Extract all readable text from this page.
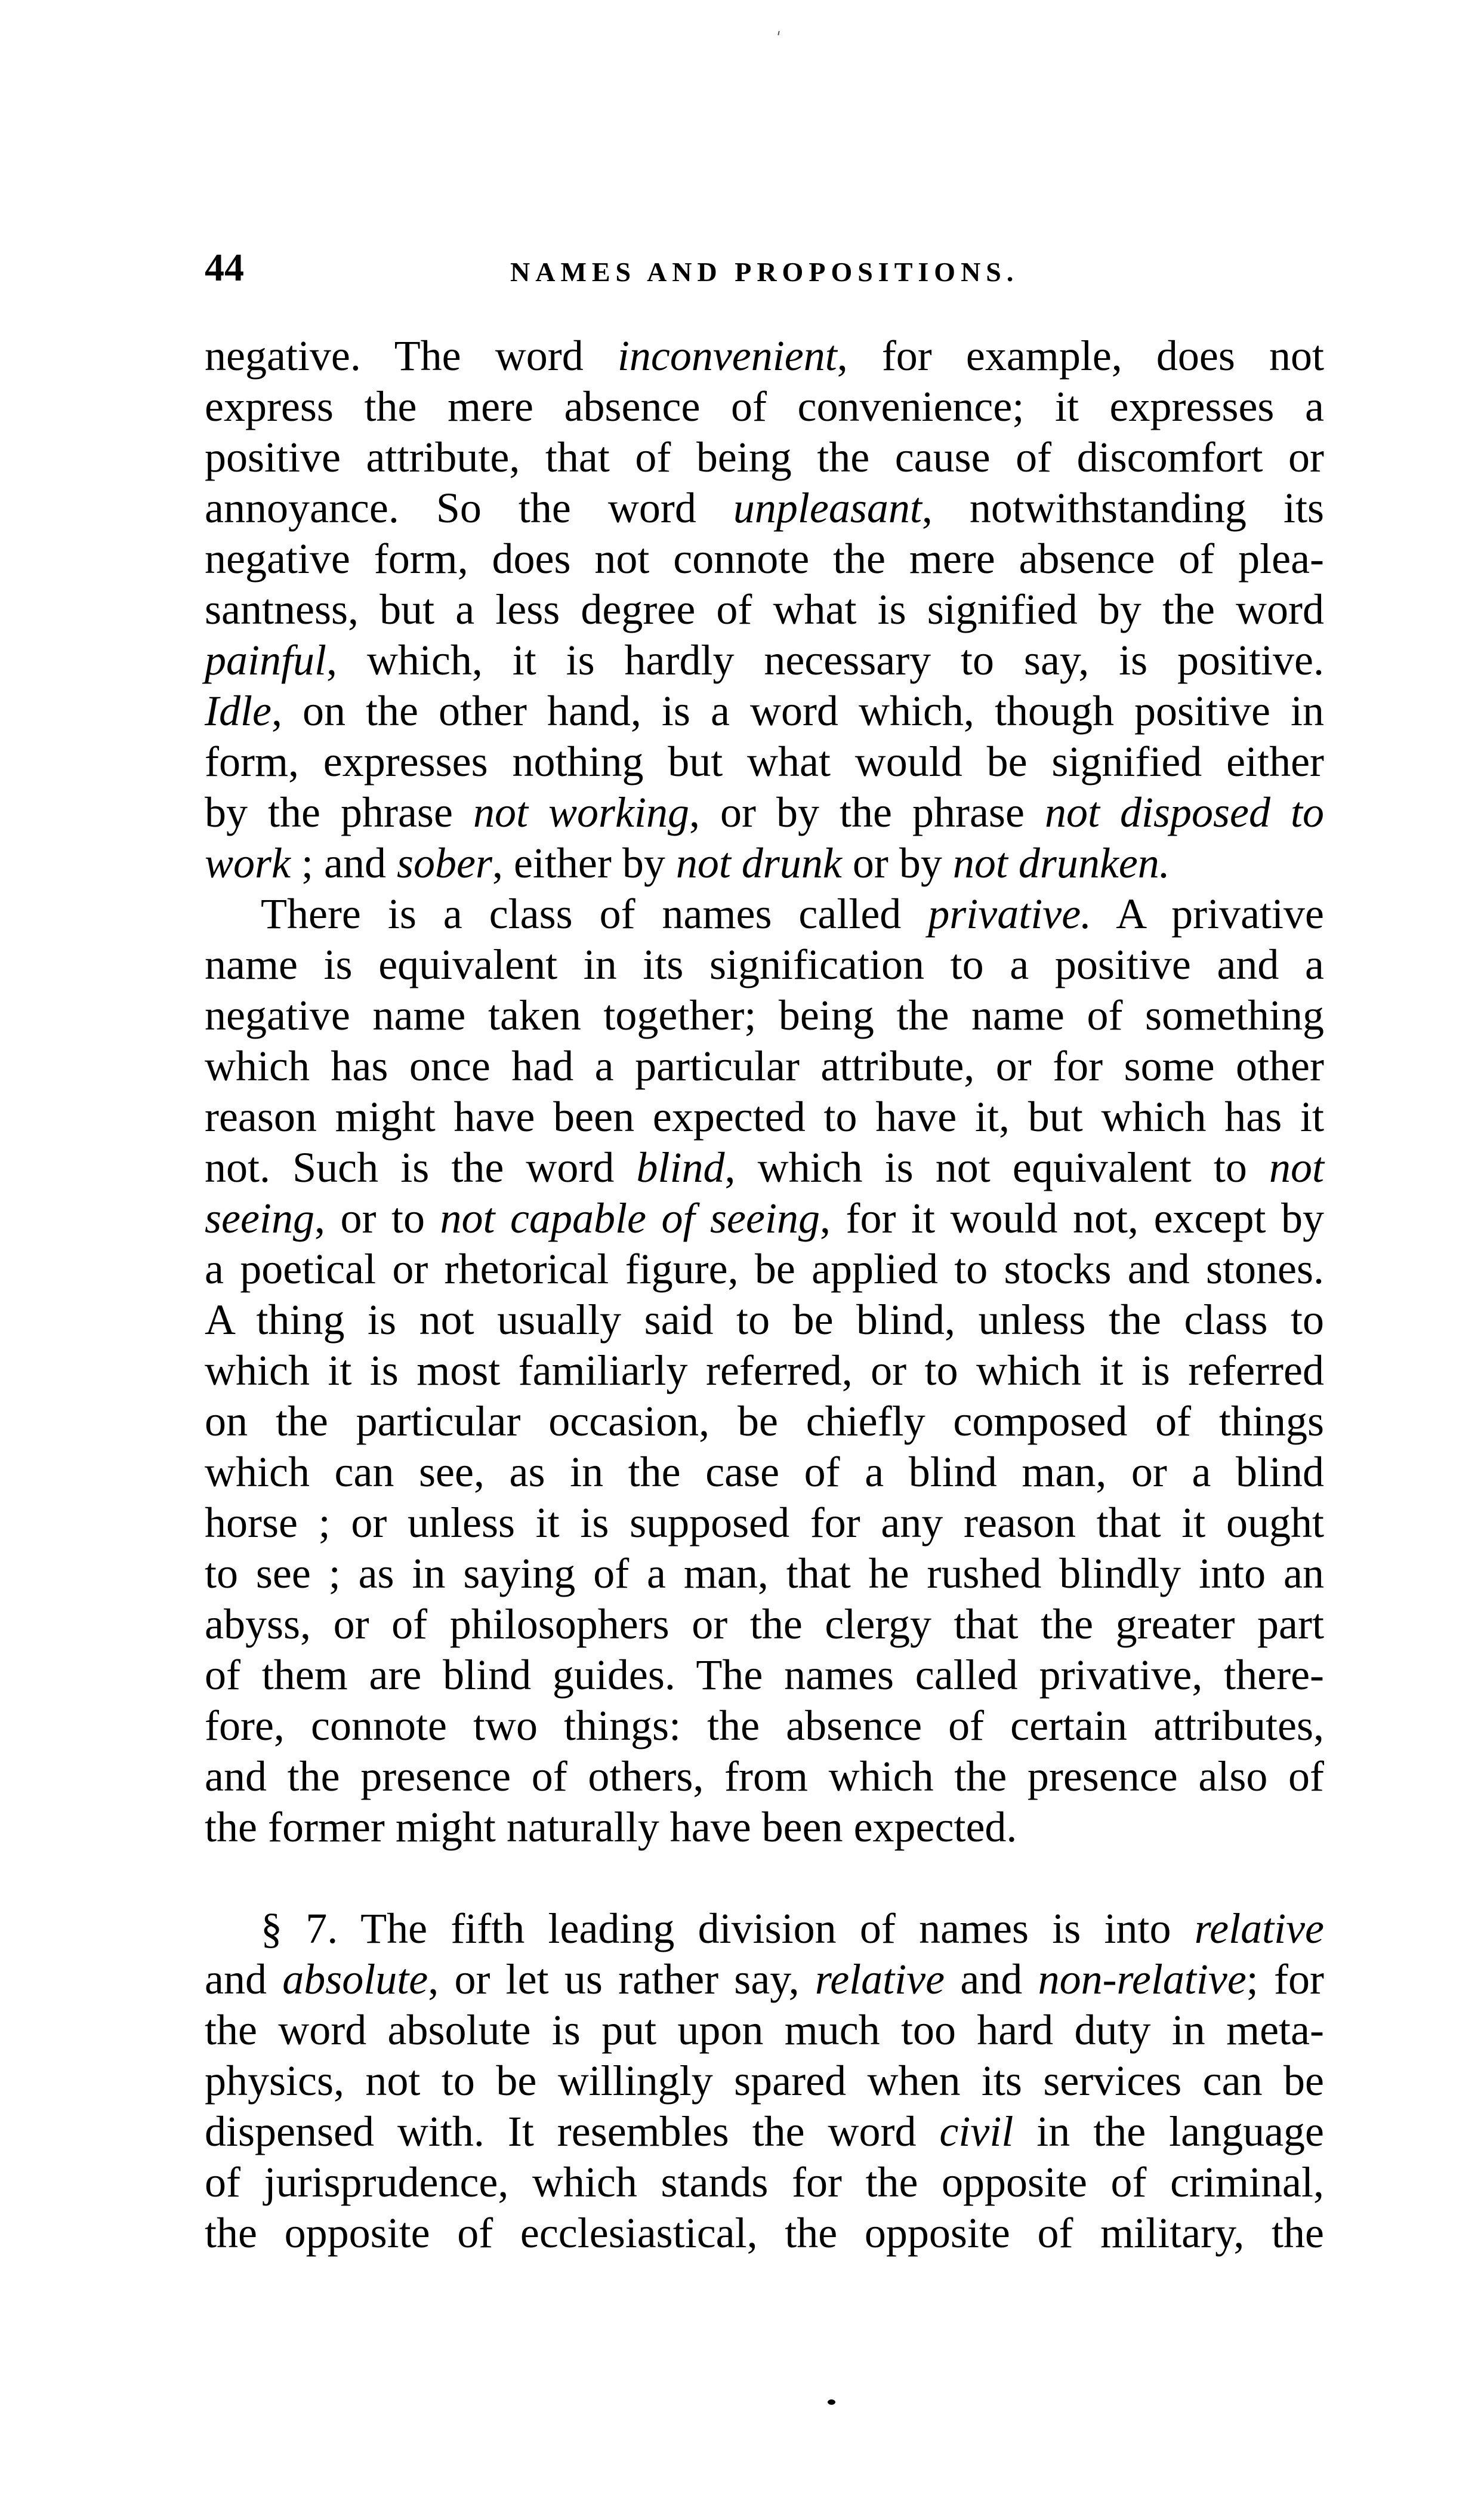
44	NAMES AND PROPOSITIONS.
negative. The word inconvenient, for example, does not
express the mere absence of convenience; it expresses a
positive attribute, that of being the cause of discomfort or
annoyance. So the word unpleasant, notwithstanding its
negative form, does not connote the mere absence of plea-
santness, but a less degree of what is signified by the word
painful, which, it is hardly necessary to say, is positive.
Idle, on the other hand, is a word which, though positive in
form, expresses nothing but what would be signified either
by the phrase not working, or by the phrase not disposed to
work ; and sober, either by not drunk or by not drunken.
There is a class of names called privative. A privative
name is equivalent in its signification to a positive and a
negative name taken together; being the name of something
which has once had a particular attribute, or for some other
reason might have been expected to have it, but which has it
not. Such is the word blind, which is not equivalent to not
seeing, or to not capable of seeing, for it would not, except by
a poetical or rhetorical figure, be applied to stocks and stones.
A thing is not usually said to be blind, unless the class to
which it is most familiarly referred, or to which it is referred
on the particular occasion, be chiefly composed of things
which can see, as in the case of a blind man, or a blind
horse ; or unless it is supposed for any reason that it ought
to see ; as in saying of a man, that he rushed blindly into an
abyss, or of philosophers or the clergy that the greater part
of them are blind guides. The names called privative, there-
fore, connote two things: the absence of certain attributes,
and the presence of others, from which the presence also of
the former might naturally have been expected.
§ 7. The fifth leading division of names is into relative
and absolute, or let us rather say, relative and non-relative; for
the word absolute is put upon much too hard duty in meta-
physics, not to be willingly spared when its services can be
dispensed with. It resembles the word civil in the language
of jurisprudence, which stands for the opposite of criminal,
the opposite of ecclesiastical, the opposite of military, the
